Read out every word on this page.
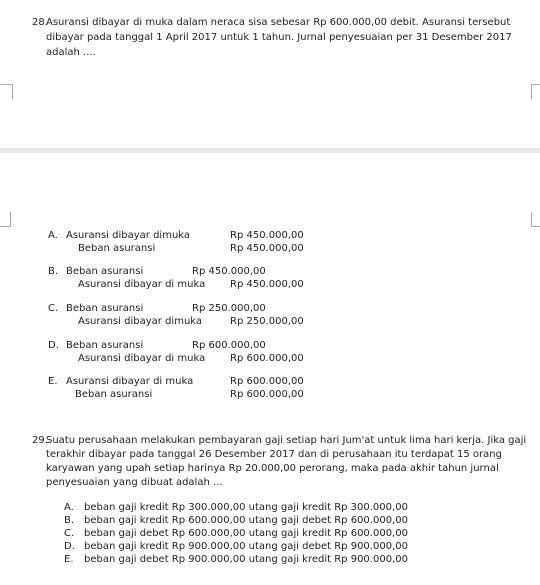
28.
Asuransi dibayar di muka dalam neraca sisa sebesar Rp 600.000,00 debit. Asuransi tersebut
dibayar pada tanggal 1 April 2017 untuk 1 tahun. Jurnal penyesuaian per 31 Desember 2017
adalah ....
A. Asuransi dibayar dimuka	Rp 450.000,00
Beban asuransi	Rp 450.000,00
B. Beban asuransi	Rp 450.000,00
Asuransi dibayar di muka Rp 450.000,00
C. Beban asuransi	Rp 250.000,00
Asuransi dibayar dimuka	Rp 250.000,00
D. Beban asuransi	Rp 600.000,00
Asuransi dibayar di muka Rp 600.000,00
E. Asuransi dibayar di muka	Rp 600.000,00
Beban asuransi	Rp 600.000,00
29.
Suatu perusahaan melakukan pembayaran gaji setiap hari Jum'at untuk lima hari kerja. Jika gaji
terakhir dibayar pada tanggal 26 Desember 2017 dan di perusahaan itu terdapat 15 orang
karyawan yang upah setiap harinya Rp 20.000,00 perorang, maka pada akhir tahun jurnal
penyesuaian yang dibuat adalah ...
A. beban gaji kredit Rp 300.000,00 utang gaji kredit Rp 300.000,00
B. beban gaji kredit Rp 600.000,00 utang gaji debet Rp 600.000,00
C. beban gaji debet Rp 600.000,00 utang gaji kredit Rp 600.000,00
D. beban gaji kredit Rp 900.000,00 utang gaji debet Rp 900.000,00
E. beban gaji debet Rp 900.000,00 utang gaji kredit Rp 900.000,00
